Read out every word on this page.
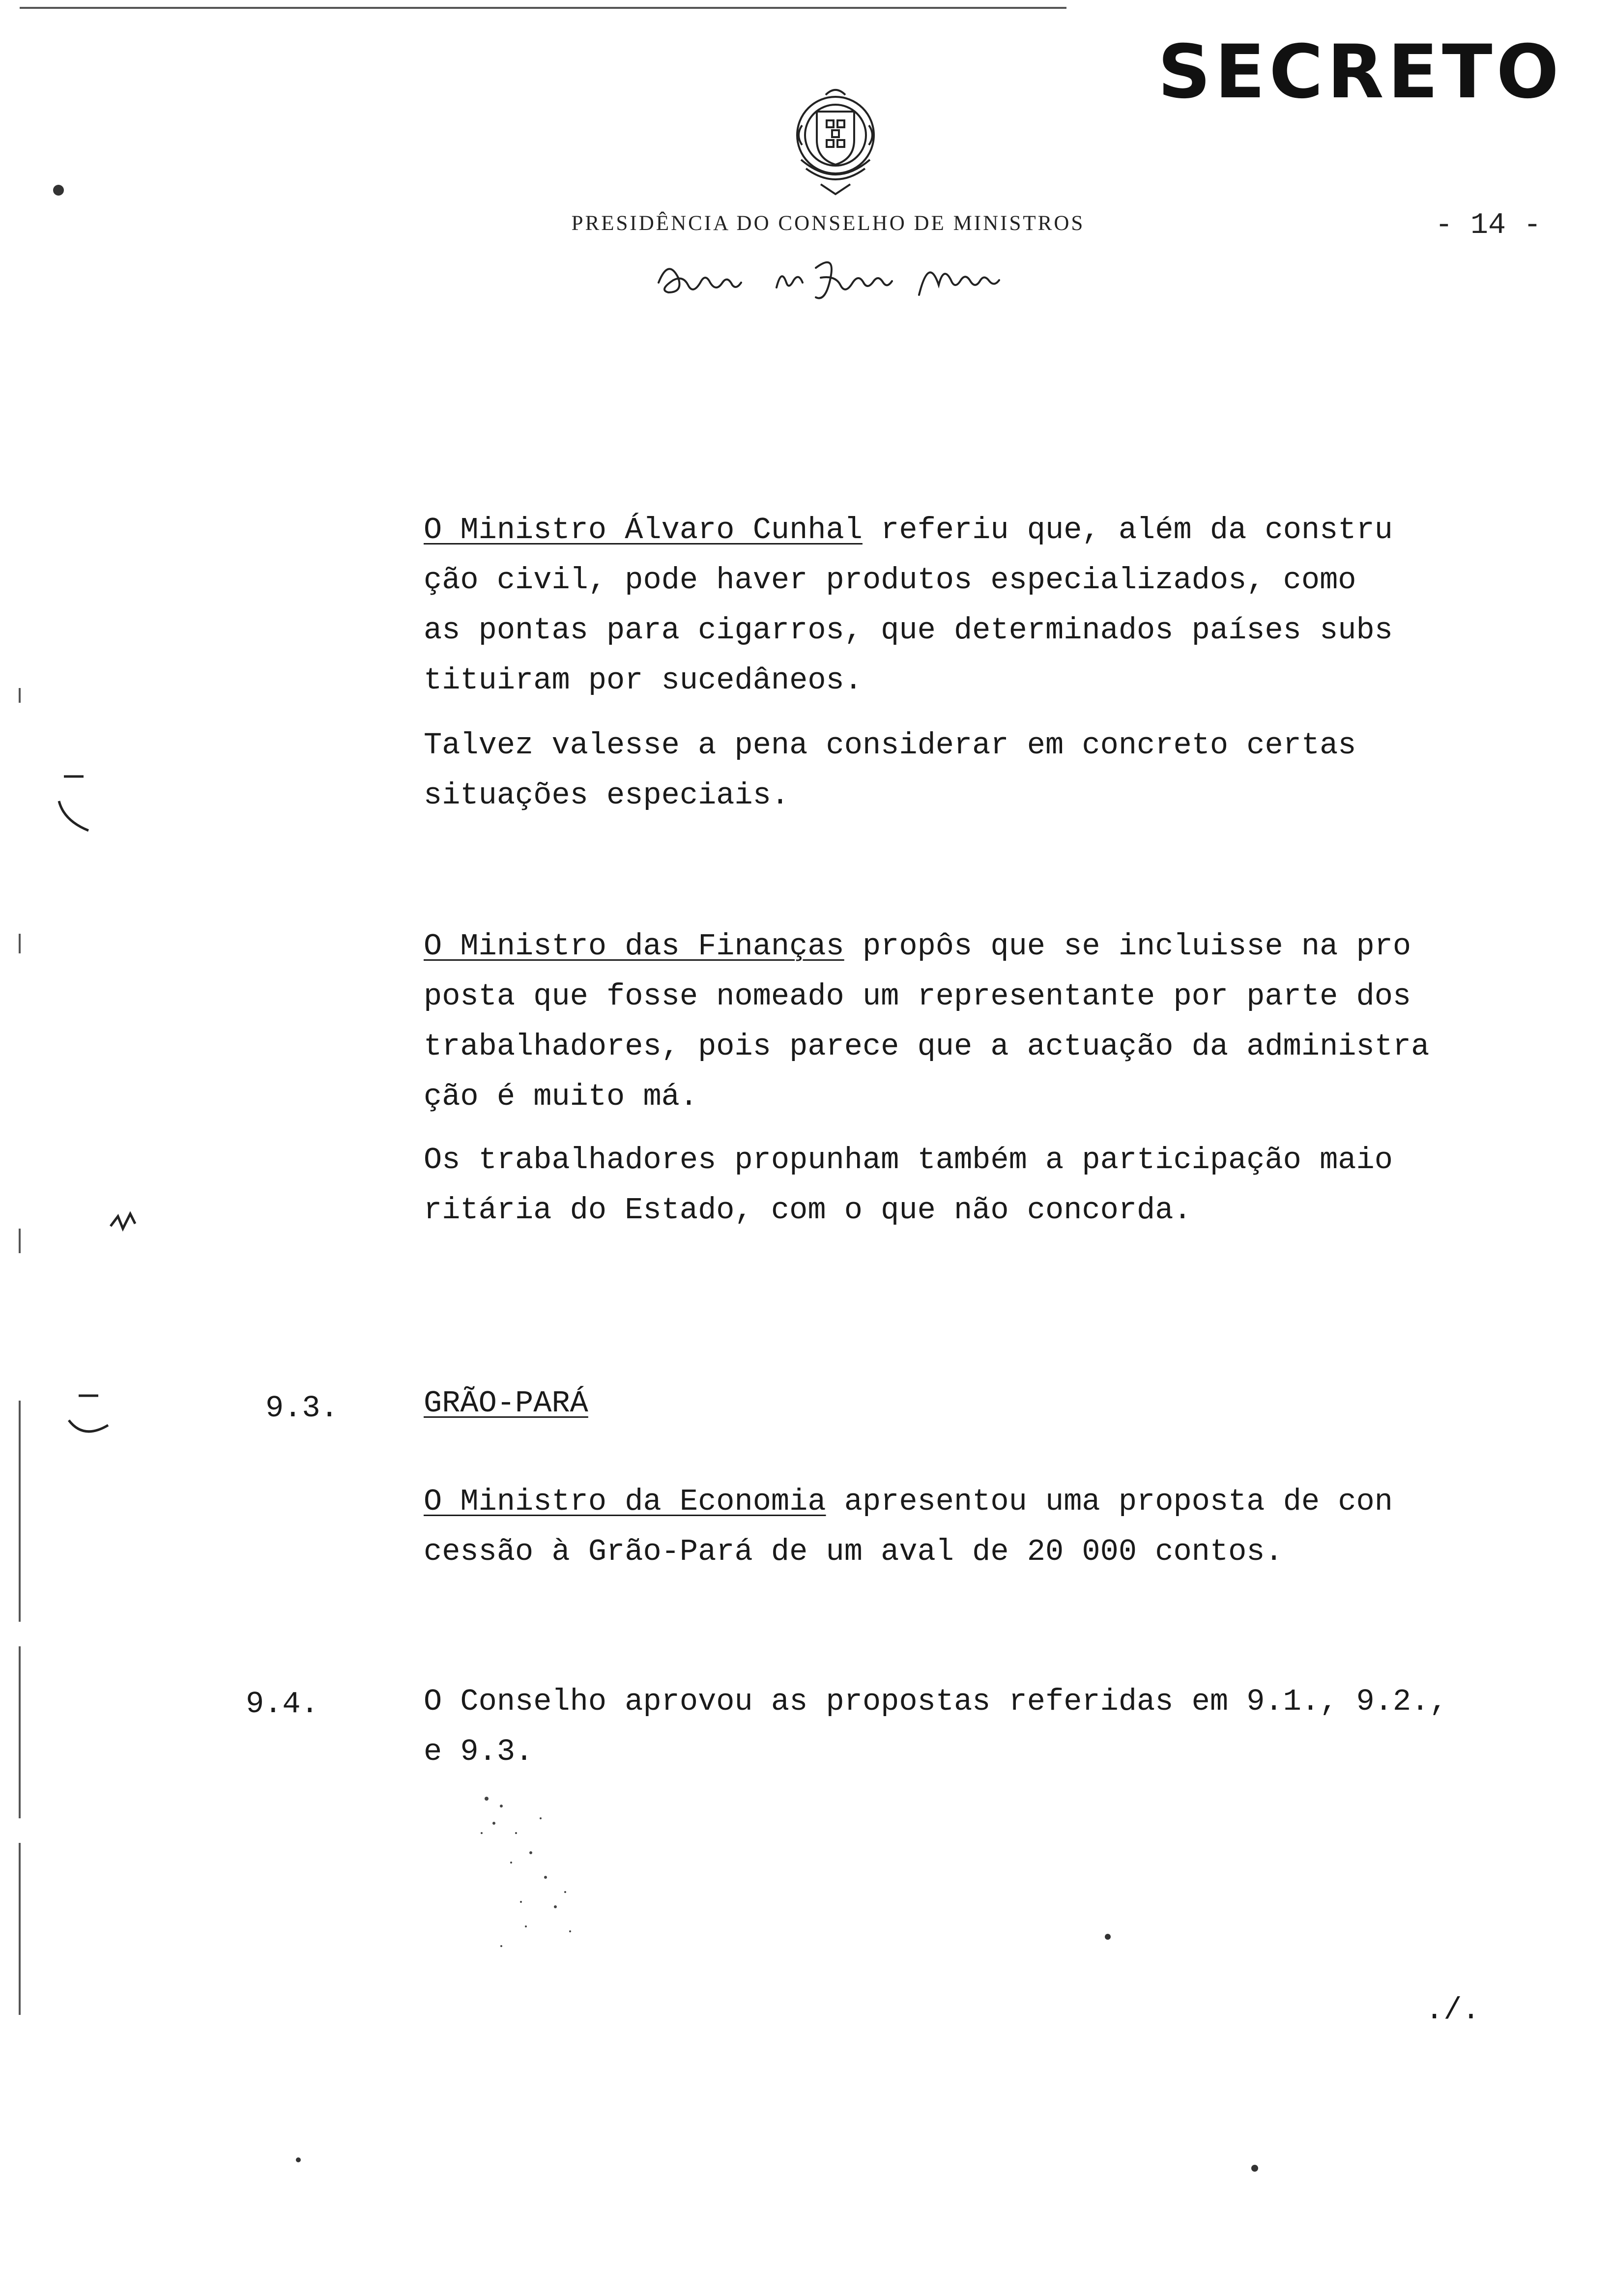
SECRETO
PRESIDÊNCIA DO CONSELHO DE MINISTROS	- 14 -
O Ministro Álvaro Cunhal referiu que, além da constru
ção civil, pode haver produtos especializados, como
as pontas para cigarros, que determinados países subs
tituiram por sucedâneos.
Talvez valesse a pena considerar em concreto certas
situações especiais.
O Ministro das Finanças propôs que se incluisse na pro
posta que fosse nomeado um representante por parte dos
trabalhadores, pois parece que a actuação da administra
ção é muito má.
Os trabalhadores propunham também a participação maio
ritária do Estado, com o que não concorda.
9.3.	GRÃO-PARÁ
O Ministro da Economia apresentou uma proposta de con
cessão à Grão-Pará de um aval de 20 000 contos.
9.4.	O Conselho aprovou as propostas referidas em 9.1., 9.2.,
e 9.3.
./.
